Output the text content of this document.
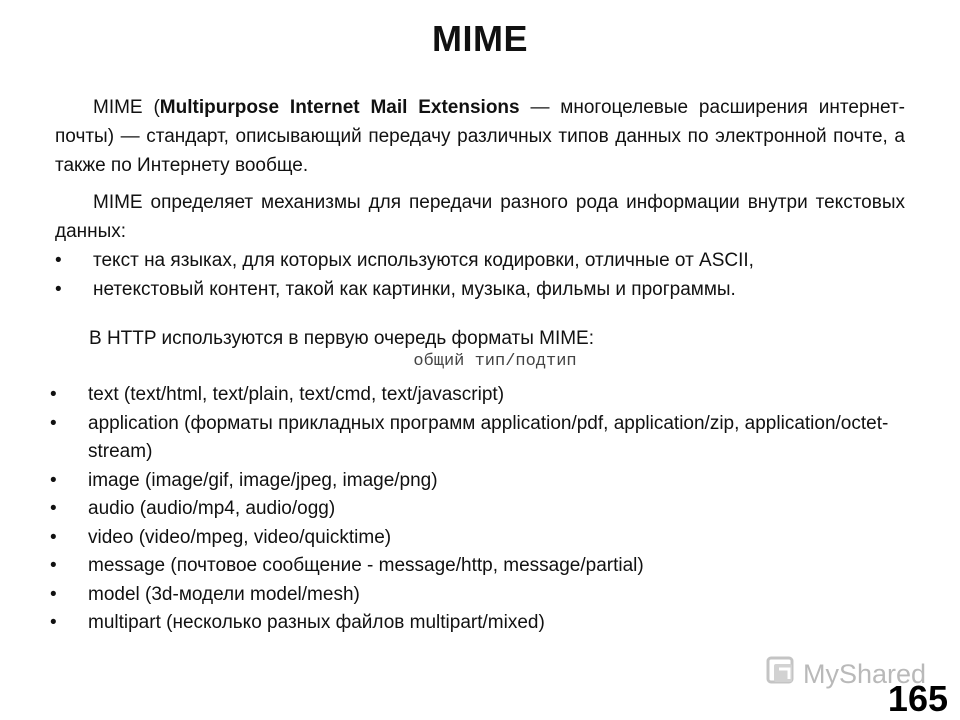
MIME

MIME (Multipurpose Internet Mail Extensions — многоцелевые расширения интернет-почты) — стандарт, описывающий передачу различных типов данных по электронной почте, а также по Интернету вообще.

MIME определяет механизмы для передачи разного рода информации внутри текстовых данных:

• текст на языках, для которых используются кодировки, отличные от ASCII,
• нетекстовый контент, такой как картинки, музыка, фильмы и программы.

В HTTP используются в первую очередь форматы MIME:

общий тип/подтип

• text (text/html, text/plain, text/cmd, text/javascript)
• application (форматы прикладных программ application/pdf, application/zip, application/octet-stream)
• image (image/gif, image/jpeg, image/png)
• audio (audio/mp4, audio/ogg)
• video (video/mpeg, video/quicktime)
• message (почтовое сообщение - message/http, message/partial)
• model (3d-модели model/mesh)
• multipart (несколько разных файлов multipart/mixed)
MyShared
165
